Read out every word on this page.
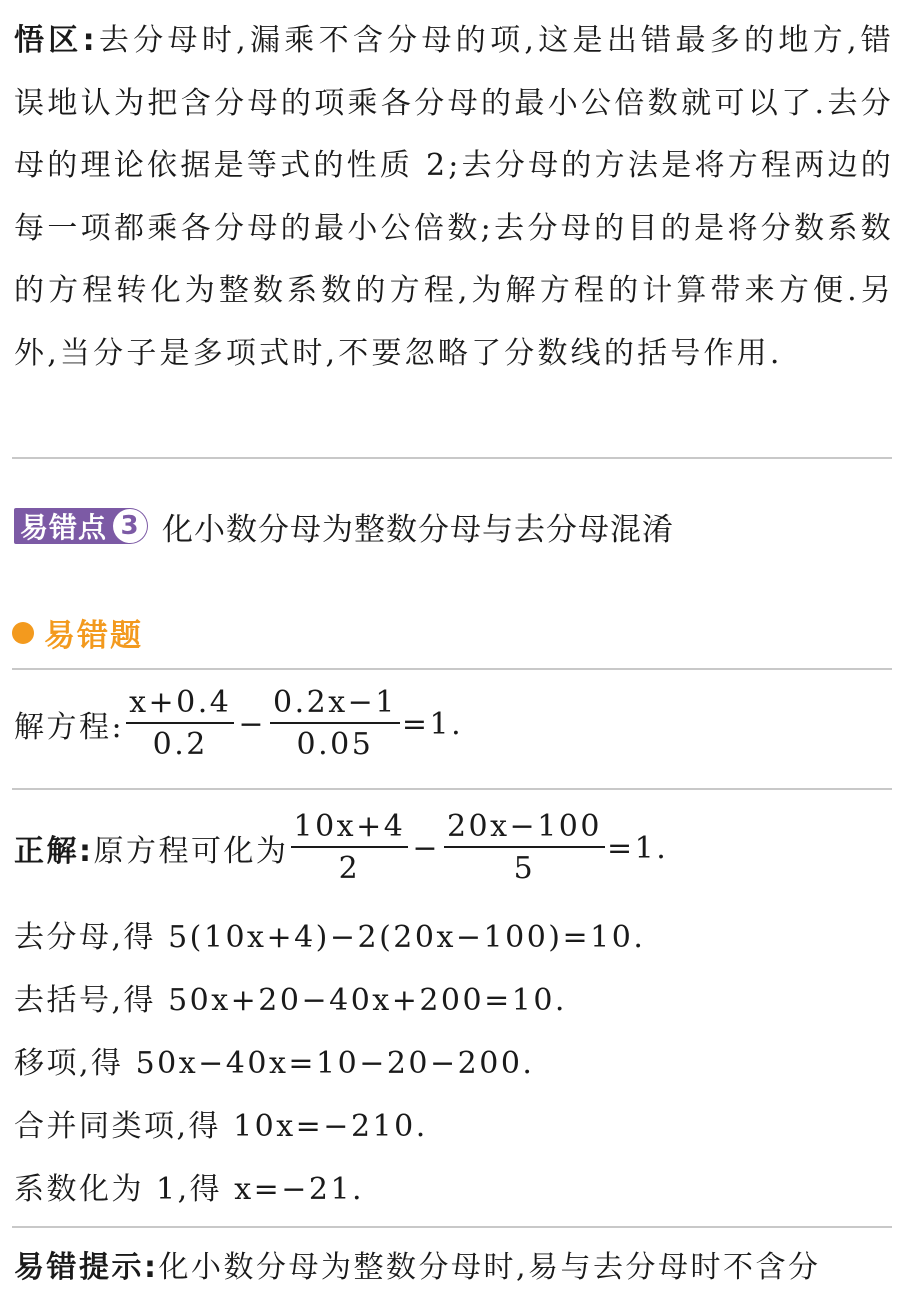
悟区:去分母时,漏乘不含分母的项,这是出错最多的地方,错误地认为把含分母的项乘各分母的最小公倍数就可以了.去分母的理论依据是等式的性质 2;去分母的方法是将方程两边的每一项都乘各分母的最小公倍数;去分母的目的是将分数系数的方程转化为整数系数的方程,为解方程的计算带来方便.另外,当分子是多项式时,不要忽略了分数线的括号作用.

易错点 3 化小数分母为整数分母与去分母混淆
易错题
解方程: $\frac{x+0.4}{0.2} - \frac{0.2x-1}{0.05} =1$.
正解: 原方程可化为 $\frac{10x+4}{2} - \frac{20x-100}{5} =1$.
去分母,得 5(10x+4)−2(20x−100)=10.
去括号,得 50x+20−40x+200=10.
移项,得 50x−40x=10−20−200.
合并同类项,得 10x=−210.
系数化为 1,得 x=−21.
易错提示: 化小数分母为整数分母时,易与去分母时不含分
